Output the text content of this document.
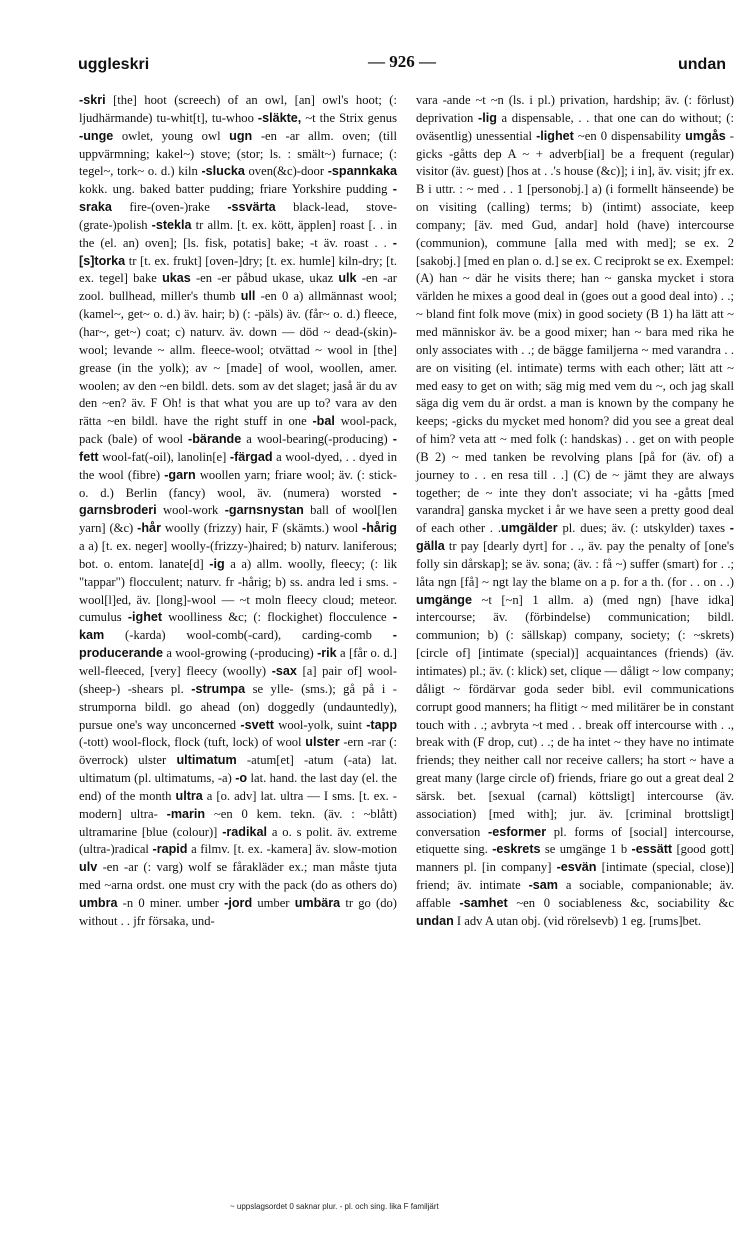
uggleskri	— 926 —	undan

-skri [the] hoot (screech) of an owl, [an] owl's hoot; (: ljudhärmande) tu-whit[t], tu-whoo -släkte, ~t the Strix genus -unge owlet, young owl ugn -en -ar allm. oven; (till uppvärmning; kakel~) stove; (stor; ls. : smält~) furnace; (: tegel~, tork~ o. d.) kiln -slucka oven(&c)-door -spannkaka kokk. ung. baked batter pudding; friare Yorkshire pudding -sraka fire-(oven-)rake -ssvärta black-lead, stove-(grate-)polish -stekla tr allm. [t. ex. kött, äpplen] roast [. . in the (el. an) oven]; [ls. fisk, potatis] bake; -t äv. roast . . -[s]torka tr [t. ex. frukt] [oven-]dry; [t. ex. humle] kiln-dry; [t. ex. tegel] bake ukas -en -er påbud ukase, ukaz ulk -en -ar zool. bullhead, miller's thumb ull -en 0 a) allmännast wool; (kamel~, get~ o. d.) äv. hair; b) (: -päls) äv. (får~ o. d.) fleece, (har~, get~) coat; c) naturv. äv. down — död ~ dead-(skin)-wool; levande ~ allm. fleece-wool; otvättad ~ wool in [the] grease (in the yolk); av ~ [made] of wool, woollen, amer. woolen; av den ~en bildl. dets. som av det slaget; jaså är du av den ~en? äv. F Oh! is that what you are up to? vara av den rätta ~en bildl. have the right stuff in one -bal wool-pack, pack (bale) of wool -bärande a wool-bearing(-producing) -fett wool-fat(-oil), lanolin[e] -färgad a wool-dyed, . . dyed in the wool (fibre) -garn woollen yarn; friare wool; äv. (: stick- o. d.) Berlin (fancy) wool, äv. (numera) worsted -garnsbroderi wool-work -garnsnystan ball of wool[len yarn] (&c) -hår woolly (frizzy) hair, F (skämts.) wool -hårig a a) [t. ex. neger] woolly-(frizzy-)haired; b) naturv. laniferous; bot. o. entom. lanate[d] -ig a a) allm. woolly, fleecy; (: lik "tappar") flocculent; naturv. fr -hårig; b) ss. andra led i sms. -wool[l]ed, äv. [long]-wool — ~t moln fleecy cloud; meteor. cumulus -ighet woolliness &c; (: flockighet) flocculence -kam (-karda) wool-comb(-card), carding-comb -producerande a wool-growing (-producing) -rik a [får o. d.] well-fleeced, [very] fleecy (woolly) -sax [a] pair of] wool-(sheep-) -shears pl. -strumpa se ylle- (sms.); gå på i -strumporna bildl. go ahead (on) doggedly (undauntedly), pursue one's way unconcerned -svett wool-yolk, suint -tapp (-tott) wool-flock, flock (tuft, lock) of wool ulster -ern -rar (: överrock) ulster ultimatum -atum[et] -atum (-ata) lat. ultimatum (pl. ultimatums, -a) -o lat. hand. the last day (el. the end) of the month ultra a [o. adv] lat. ultra — I sms. [t. ex. -modern] ultra- -marin ~en 0 kem. tekn. (äv. : ~blått) ultramarine [blue (colour)] -radikal a o. s polit. äv. extreme (ultra-)radical -rapid a filmv. [t. ex. -kamera] äv. slow-motion ulv -en -ar (: varg) wolf se fårakläder ex.; man måste tjuta med ~arna ordst. one must cry with the pack (do as others do) umbra -n 0 miner. umber -jord umber umbära tr go (do) without . . jfr försaka, und-

vara -ande ~t ~n (ls. i pl.) privation, hardship; äv. (: förlust) deprivation -lig a dispensable, . . that one can do without; (: oväsentlig) unessential -lighet ~en 0 dispensability umgås -gicks -gåtts dep A ~ + adverb[ial] be a frequent (regular) visitor (äv. guest) [hos at . .'s house (&c)]; i in], äv. visit; jfr ex. B i uttr. : ~ med . . 1 [personobj.] a) (i formellt hänseende) be on visiting (calling) terms; b) (intimt) associate, keep company; [äv. med Gud, andar] hold (have) intercourse (communion), commune [alla med with med]; se ex. 2 [sakobj.] [med en plan o. d.] se ex. C reciprokt se ex. Exempel: (A) han ~ där he visits there; han ~ ganska mycket i stora världen he mixes a good deal in (goes out a good deal into) . .; ~ bland fint folk move (mix) in good society (B 1) ha lätt att ~ med människor äv. be a good mixer; han ~ bara med rika he only associates with . .; de bägge familjerna ~ med varandra . . are on visiting (el. intimate) terms with each other; lätt att ~ med easy to get on with; säg mig med vem du ~, och jag skall säga dig vem du är ordst. a man is known by the company he keeps; -gicks du mycket med honom? did you see a great deal of him? veta att ~ med folk (: handskas) . . get on with people (B 2) ~ med tanken be revolving plans [på for (äv. of) a journey to . . en resa till . .] (C) de ~ jämt they are always together; de ~ inte they don't associate; vi ha -gåtts [med varandra] ganska mycket i år we have seen a pretty good deal of each other . .umgälder pl. dues; äv. (: utskylder) taxes -gälla tr pay [dearly dyrt] for . ., äv. pay the penalty of [one's folly sin dårskap]; se äv. sona; (äv. : få ~) suffer (smart) for . .; låta ngn [få] ~ ngt lay the blame on a p. for a th. (for . . on . .) umgänge ~t [~n] 1 allm. a) (med ngn) [have idka] intercourse; äv. (förbindelse) communication; bildl. communion; b) (: sällskap) company, society; (: ~skrets) [circle of] [intimate (special)] acquaintances (friends) (äv. intimates) pl.; äv. (: klick) set, clique — dåligt ~ low company; dåligt ~ fördärvar goda seder bibl. evil communications corrupt good manners; ha flitigt ~ med militärer be in constant touch with . .; avbryta ~t med . . break off intercourse with . ., break with (F drop, cut) . .; de ha intet ~ they have no intimate friends; they neither call nor receive callers; ha stort ~ have a great many (large circle of) friends, friare go out a great deal 2 särsk. bet. [sexual (carnal) köttsligt] intercourse (äv. association) [med with]; jur. äv. [criminal brottsligt] conversation -esformer pl. forms of [social] intercourse, etiquette sing. -eskrets se umgänge 1 b -essätt [good gott] manners pl. [in company] -esvän [intimate (special, close)] friend; äv. intimate -sam a sociable, companionable; äv. affable -samhet ~en 0 sociableness &c, sociability &c undan I adv A utan obj. (vid rörelsevb) 1 eg. [rums]bet.

~ uppslagsordet 0 saknar plur. - pl. och sing. lika F familjärt
